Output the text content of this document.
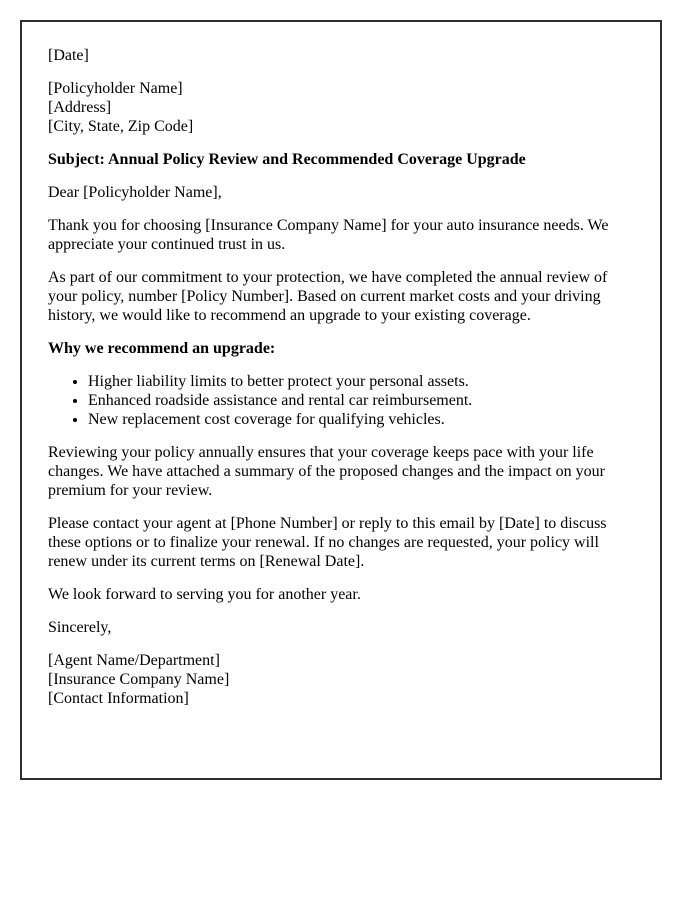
[Date]

[Policyholder Name]
[Address]
[City, State, Zip Code]

Subject: Annual Policy Review and Recommended Coverage Upgrade

Dear [Policyholder Name],

Thank you for choosing [Insurance Company Name] for your auto insurance needs. We appreciate your continued trust in us.

As part of our commitment to your protection, we have completed the annual review of your policy, number [Policy Number]. Based on current market costs and your driving history, we would like to recommend an upgrade to your existing coverage.

Why we recommend an upgrade:

• Higher liability limits to better protect your personal assets.
• Enhanced roadside assistance and rental car reimbursement.
• New replacement cost coverage for qualifying vehicles.

Reviewing your policy annually ensures that your coverage keeps pace with your life changes. We have attached a summary of the proposed changes and the impact on your premium for your review.

Please contact your agent at [Phone Number] or reply to this email by [Date] to discuss these options or to finalize your renewal. If no changes are requested, your policy will renew under its current terms on [Renewal Date].

We look forward to serving you for another year.

Sincerely,

[Agent Name/Department]
[Insurance Company Name]
[Contact Information]
